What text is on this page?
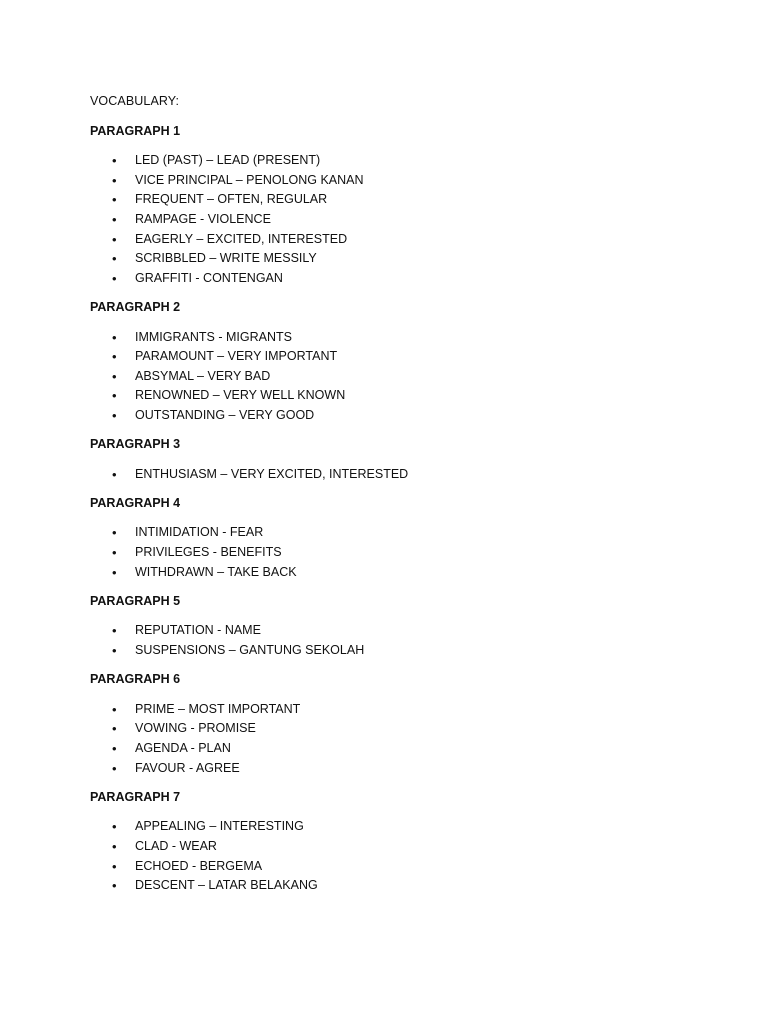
VOCABULARY:
PARAGRAPH 1
• LED (PAST) – LEAD (PRESENT)
• VICE PRINCIPAL – PENOLONG KANAN
• FREQUENT – OFTEN, REGULAR
• RAMPAGE - VIOLENCE
• EAGERLY – EXCITED, INTERESTED
• SCRIBBLED – WRITE MESSILY
• GRAFFITI - CONTENGAN
PARAGRAPH 2
• IMMIGRANTS - MIGRANTS
• PARAMOUNT – VERY IMPORTANT
• ABSYMAL – VERY BAD
• RENOWNED – VERY WELL KNOWN
• OUTSTANDING – VERY GOOD
PARAGRAPH 3
• ENTHUSIASM – VERY EXCITED, INTERESTED
PARAGRAPH 4
• INTIMIDATION - FEAR
• PRIVILEGES - BENEFITS
• WITHDRAWN – TAKE BACK
PARAGRAPH 5
• REPUTATION - NAME
• SUSPENSIONS – GANTUNG SEKOLAH
PARAGRAPH 6
• PRIME – MOST IMPORTANT
• VOWING - PROMISE
• AGENDA - PLAN
• FAVOUR - AGREE
PARAGRAPH 7
• APPEALING – INTERESTING
• CLAD - WEAR
• ECHOED - BERGEMA
• DESCENT – LATAR BELAKANG
